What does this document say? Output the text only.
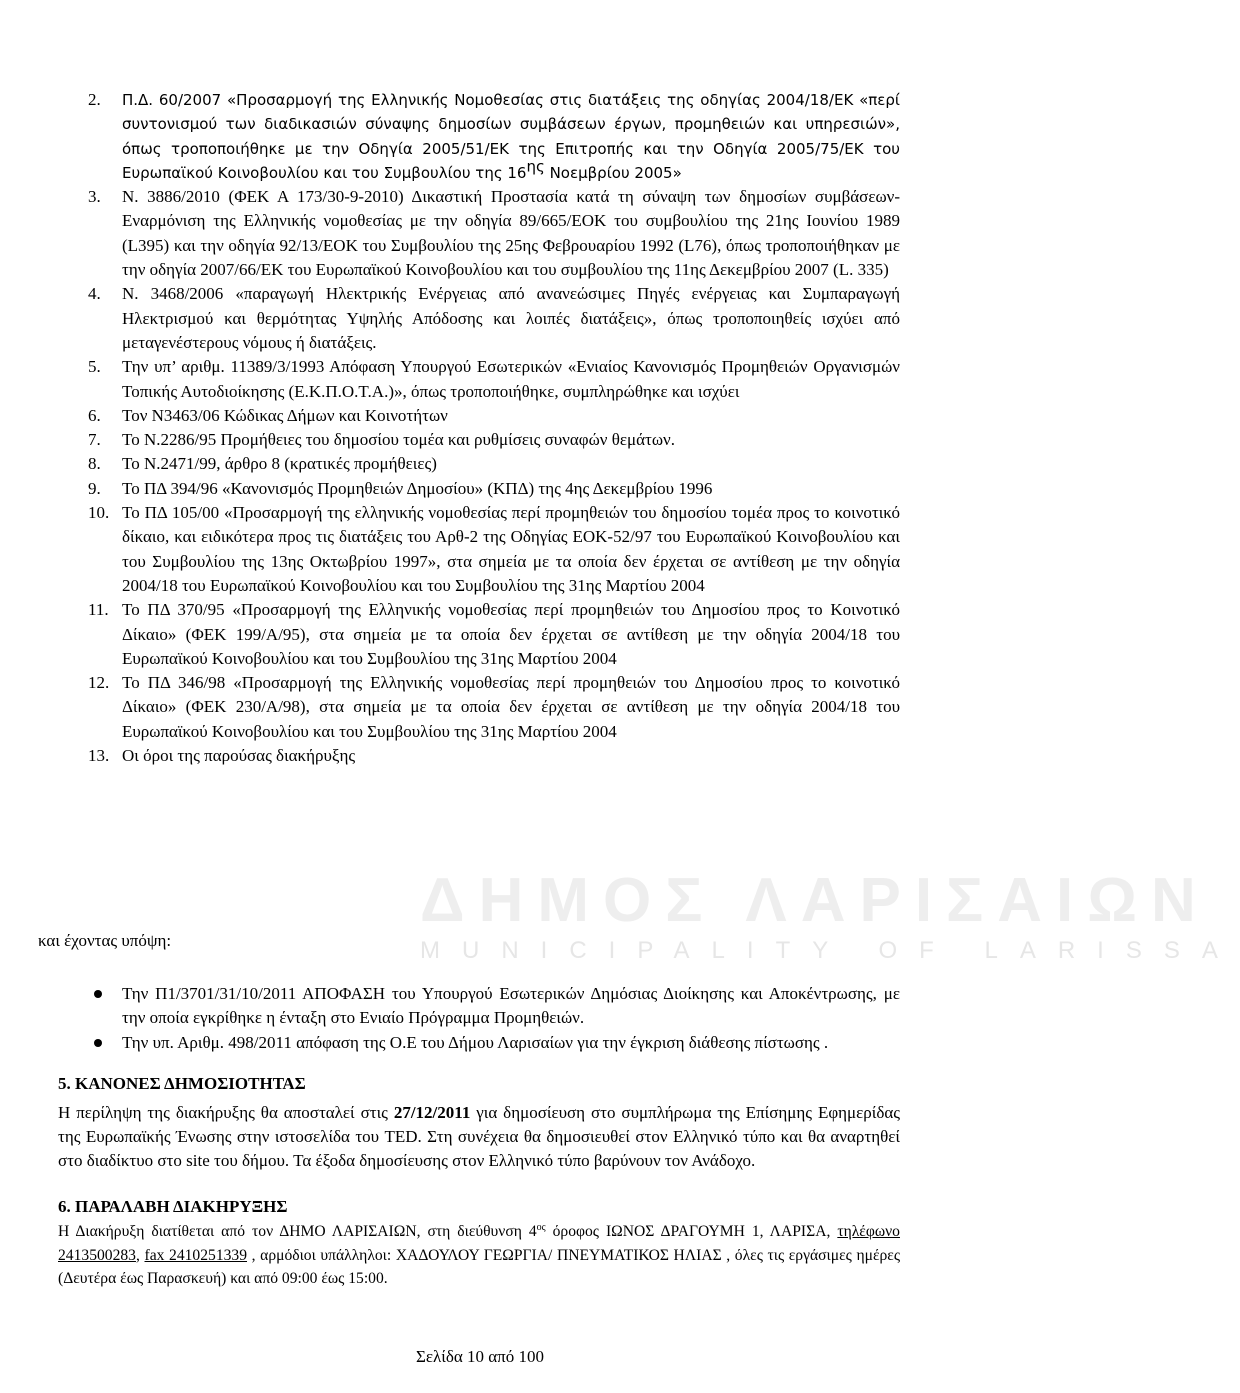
ΔΗΜΟΣ ΛΑΡΙΣΑΙΩΝ
MUNICIPALITY OF LARISSA
2. Π.Δ. 60/2007 «Προσαρμογή της Ελληνικής Νομοθεσίας στις διατάξεις της οδηγίας 2004/18/ΕΚ «περί συντονισμού των διαδικασιών σύναψης δημοσίων συμβάσεων έργων, προμηθειών και υπηρεσιών», όπως τροποποιήθηκε με την Οδηγία 2005/51/ΕΚ της Επιτροπής και την Οδηγία 2005/75/ΕΚ του Ευρωπαϊκού Κοινοβουλίου και του Συμβουλίου της $16^{\eta\varsigma}$ Νοεμβρίου 2005»
3. Ν. 3886/2010 (ΦΕΚ Α 173/30-9-2010) Δικαστική Προστασία κατά τη σύναψη των δημοσίων συμβάσεων-Εναρμόνιση της Ελληνικής νομοθεσίας με την οδηγία 89/665/ΕΟΚ του συμβουλίου της 21ης Ιουνίου 1989 (L395) και την οδηγία 92/13/ΕΟΚ του Συμβουλίου της 25ης Φεβρουαρίου 1992 (L76), όπως τροποποιήθηκαν με την οδηγία 2007/66/ΕΚ του Ευρωπαϊκού Κοινοβουλίου και του συμβουλίου της 11ης Δεκεμβρίου 2007 (L. 335)
4. Ν. 3468/2006 «παραγωγή Ηλεκτρικής Ενέργειας από ανανεώσιμες Πηγές ενέργειας και Συμπαραγωγή Ηλεκτρισμού και θερμότητας Υψηλής Απόδοσης και λοιπές διατάξεις», όπως τροποποιηθείς ισχύει από μεταγενέστερους νόμους ή διατάξεις.
5. Την υπ’ αριθμ. 11389/3/1993 Απόφαση Υπουργού Εσωτερικών «Ενιαίος Κανονισμός Προμηθειών Οργανισμών Τοπικής Αυτοδιοίκησης (Ε.Κ.Π.Ο.Τ.Α.)», όπως τροποποιήθηκε, συμπληρώθηκε και ισχύει
6. Τον Ν3463/06 Κώδικας Δήμων και Κοινοτήτων
7. Το Ν.2286/95 Προμήθειες του δημοσίου τομέα και ρυθμίσεις συναφών θεμάτων.
8. Το Ν.2471/99, άρθρο 8 (κρατικές προμήθειες)
9. Το ΠΔ 394/96 «Κανονισμός Προμηθειών Δημοσίου» (ΚΠΔ) της 4ης Δεκεμβρίου 1996
10. Το ΠΔ 105/00 «Προσαρμογή της ελληνικής νομοθεσίας περί προμηθειών του δημοσίου τομέα προς το κοινοτικό δίκαιο, και ειδικότερα προς τις διατάξεις του Αρθ-2 της Οδηγίας ΕΟΚ-52/97 του Ευρωπαϊκού Κοινοβουλίου και του Συμβουλίου της 13ης Οκτωβρίου 1997», στα σημεία με τα οποία δεν έρχεται σε αντίθεση με την οδηγία 2004/18 του Ευρωπαϊκού Κοινοβουλίου και του Συμβουλίου της 31ης Μαρτίου 2004
11. Το ΠΔ 370/95 «Προσαρμογή της Ελληνικής νομοθεσίας περί προμηθειών του Δημοσίου προς το Κοινοτικό Δίκαιο» (ΦΕΚ 199/Α/95), στα σημεία με τα οποία δεν έρχεται σε αντίθεση με την οδηγία 2004/18 του Ευρωπαϊκού Κοινοβουλίου και του Συμβουλίου της 31ης Μαρτίου 2004
12. Το ΠΔ 346/98 «Προσαρμογή της Ελληνικής νομοθεσίας περί προμηθειών του Δημοσίου προς το κοινοτικό Δίκαιο» (ΦΕΚ 230/Α/98), στα σημεία με τα οποία δεν έρχεται σε αντίθεση με την οδηγία 2004/18 του Ευρωπαϊκού Κοινοβουλίου και του Συμβουλίου της 31ης Μαρτίου 2004
13. Οι όροι της παρούσας διακήρυξης
και έχοντας υπόψη:
Την Π1/3701/31/10/2011 ΑΠΟΦΑΣΗ του Υπουργού Εσωτερικών Δημόσιας Διοίκησης και Αποκέντρωσης, με την οποία εγκρίθηκε η ένταξη στο Ενιαίο Πρόγραμμα Προμηθειών.
Την υπ. Αριθμ. 498/2011 απόφαση της Ο.Ε του Δήμου Λαρισαίων για την έγκριση διάθεσης πίστωσης .
5. ΚΑΝΟΝΕΣ ΔΗΜΟΣΙΟΤΗΤΑΣ
Η περίληψη της διακήρυξης θα αποσταλεί στις 27/12/2011 για δημοσίευση στο συμπλήρωμα της Επίσημης Εφημερίδας της Ευρωπαϊκής Ένωσης στην ιστοσελίδα του TED. Στη συνέχεια θα δημοσιευθεί στον Ελληνικό τύπο και θα αναρτηθεί στο διαδίκτυο στο site του δήμου. Τα έξοδα δημοσίευσης στον Ελληνικό τύπο βαρύνουν τον Ανάδοχο.
6. ΠΑΡΑΛΑΒΗ ΔΙΑΚΗΡΥΞΗΣ
Η Διακήρυξη διατίθεται από τον ΔΗΜΟ ΛΑΡΙΣΑΙΩΝ, στη διεύθυνση $4^{o\varsigma}$ όροφος ΙΩΝΟΣ ΔΡΑΓΟΥΜΗ 1, ΛΑΡΙΣΑ, τηλέφωνο 2413500283, fax 2410251339 , αρμόδιοι υπάλληλοι: ΧΑΔΟΥΛΟΥ ΓΕΩΡΓΙΑ/ ΠΝΕΥΜΑΤΙΚΟΣ ΗΛΙΑΣ , όλες τις εργάσιμες ημέρες (Δευτέρα έως Παρασκευή) και από 09:00 έως 15:00.
Σελίδα 10 από 100
